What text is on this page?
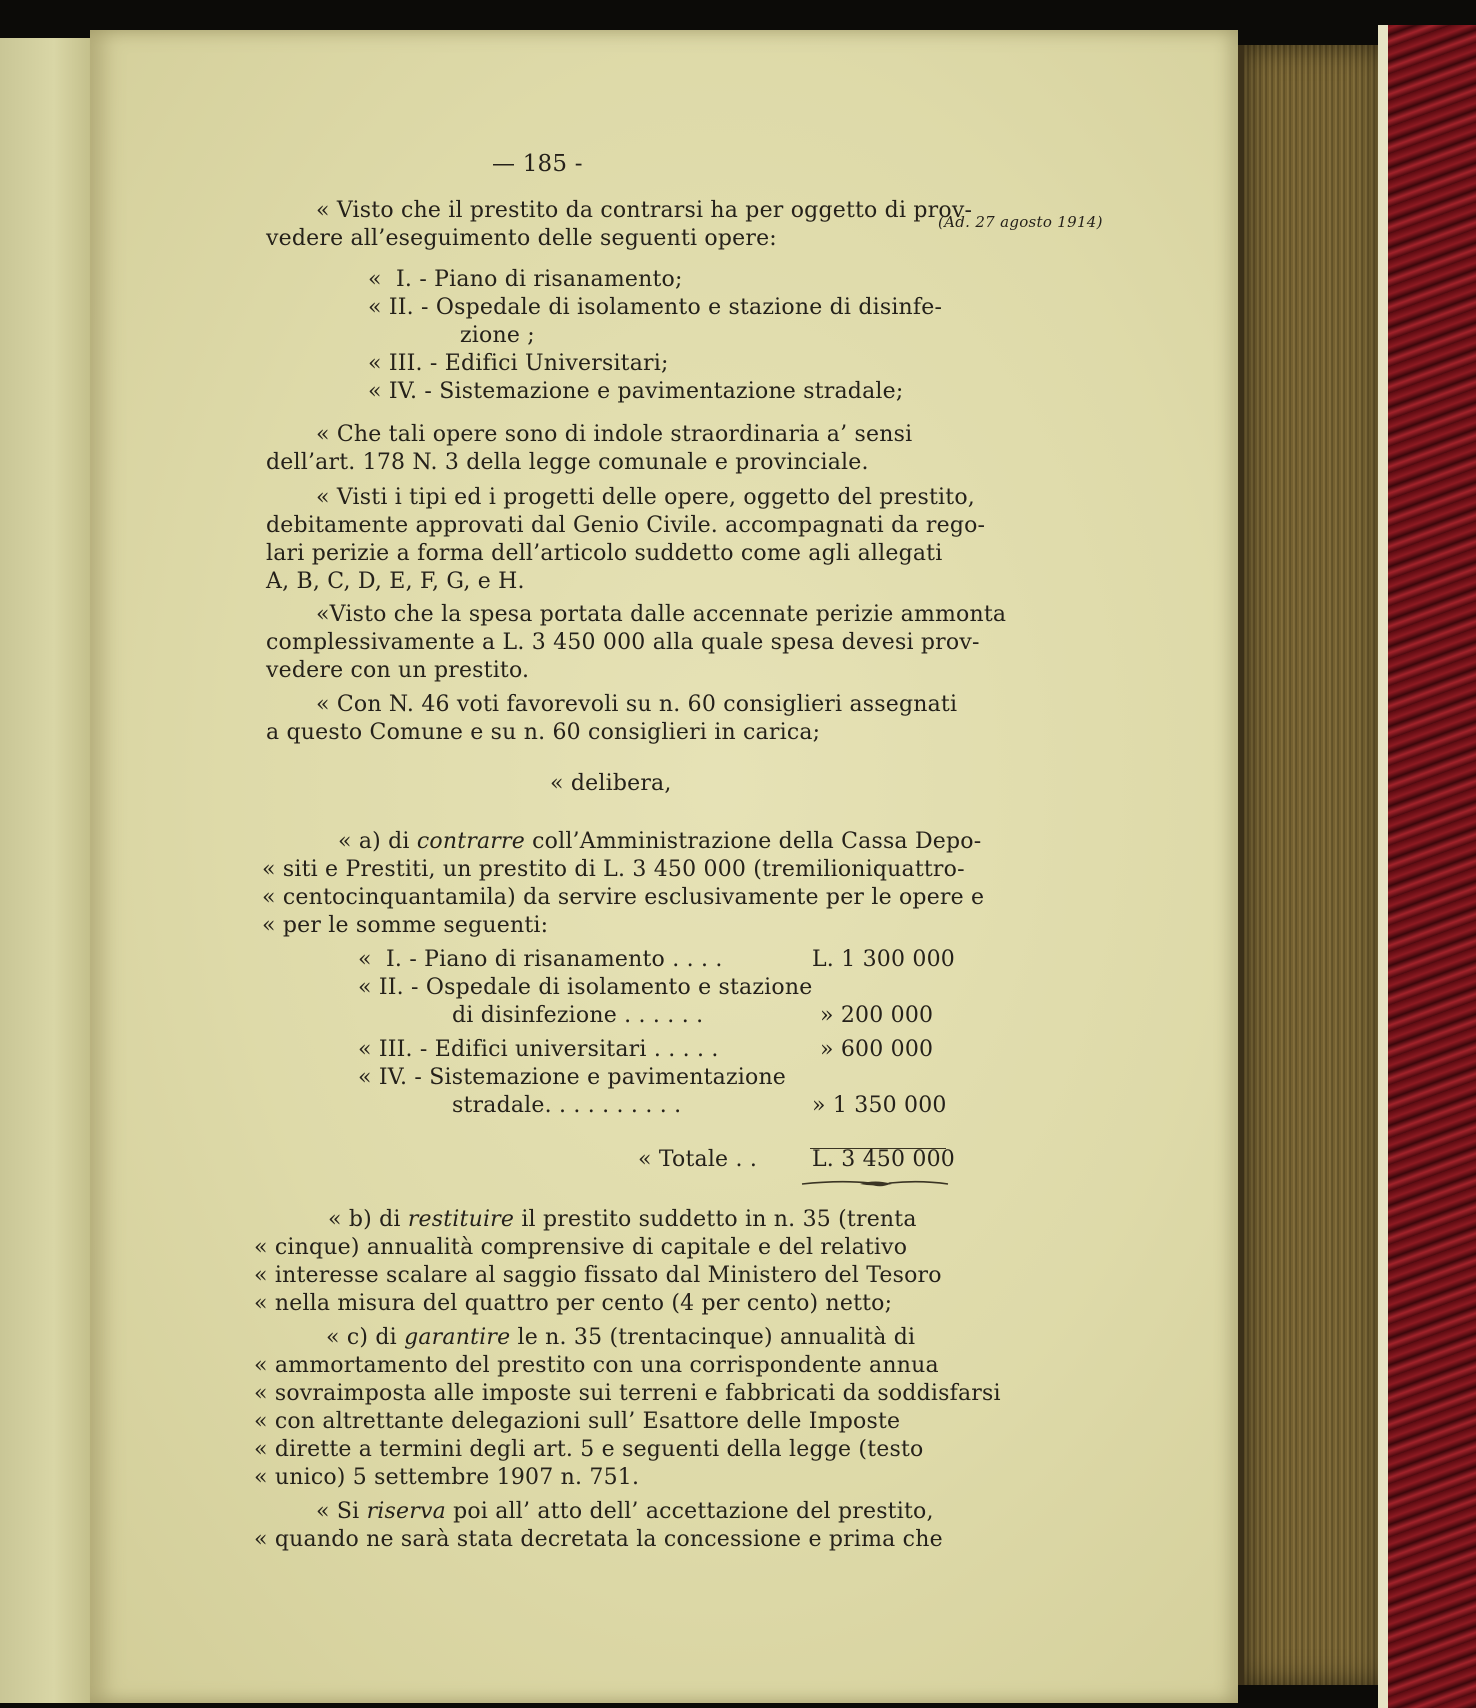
— 185 -
(Ad. 27 agosto 1914)
« Visto che il prestito da contrarsi ha per oggetto di prov-
vedere all’eseguimento delle seguenti opere:
«  I. - Piano di risanamento;
« II. - Ospedale di isolamento e stazione di disinfe-
zione ;
« III. - Edifici Universitari;
« IV. - Sistemazione e pavimentazione stradale;
« Che tali opere sono di indole straordinaria a’ sensi
dell’art. 178 N. 3 della legge comunale e provinciale.
« Visti i tipi ed i progetti delle opere, oggetto del prestito,
debitamente approvati dal Genio Civile. accompagnati da rego-
lari perizie a forma dell’articolo suddetto come agli allegati
A, B, C, D, E, F, G, e H.
«Visto che la spesa portata dalle accennate perizie ammonta
complessivamente a L. 3 450 000 alla quale spesa devesi prov-
vedere con un prestito.
« Con N. 46 voti favorevoli su n. 60 consiglieri assegnati
a questo Comune e su n. 60 consiglieri in carica;
« delibera,
« a) di contrarre coll’Amministrazione della Cassa Depo-
« siti e Prestiti, un prestito di L. 3 450 000 (tremilioniquattro-
« centocinquantamila) da servire esclusivamente per le opere e
« per le somme seguenti:
«  I. - Piano di risanamento . . . .	L. 1 300 000
« II. - Ospedale di isolamento e stazione
di disinfezione . . . . . .	» 200 000
« III. - Edifici universitari . . . . .	» 600 000
« IV. - Sistemazione e pavimentazione
stradale. . . . . . . . . .	» 1 350 000
« Totale . . L. 3 450 000
« b) di restituire il prestito suddetto in n. 35 (trenta
« cinque) annualità comprensive di capitale e del relativo
« interesse scalare al saggio fissato dal Ministero del Tesoro
« nella misura del quattro per cento (4 per cento) netto;
« c) di garantire le n. 35 (trentacinque) annualità di
« ammortamento del prestito con una corrispondente annua
« sovraimposta alle imposte sui terreni e fabbricati da soddisfarsi
« con altrettante delegazioni sull’ Esattore delle Imposte
« dirette a termini degli art. 5 e seguenti della legge (testo
« unico) 5 settembre 1907 n. 751.
« Si riserva poi all’ atto dell’ accettazione del prestito,
« quando ne sarà stata decretata la concessione e prima che
